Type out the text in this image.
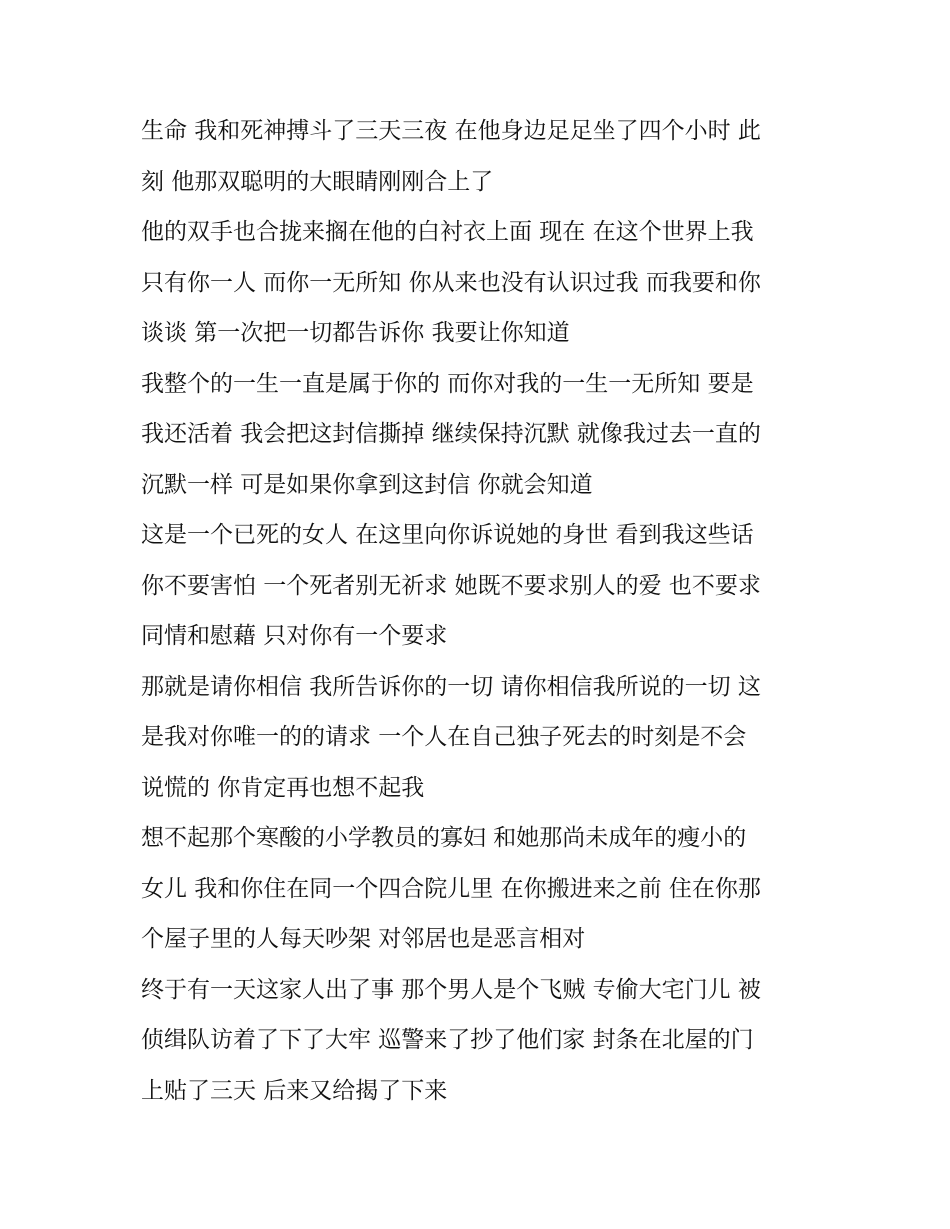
生命 我和死神搏斗了三天三夜 在他身边足足坐了四个小时 此
刻 他那双聪明的大眼睛刚刚合上了

他的双手也合拢来搁在他的白衬衣上面 现在 在这个世界上我
只有你一人 而你一无所知 你从来也没有认识过我 而我要和你
谈谈 第一次把一切都告诉你 我要让你知道

我整个的一生一直是属于你的 而你对我的一生一无所知 要是
我还活着 我会把这封信撕掉 继续保持沉默 就像我过去一直的
沉默一样 可是如果你拿到这封信 你就会知道

这是一个已死的女人 在这里向你诉说她的身世 看到我这些话
你不要害怕 一个死者别无祈求 她既不要求别人的爱 也不要求
同情和慰藉 只对你有一个要求

那就是请你相信 我所告诉你的一切 请你相信我所说的一切 这
是我对你唯一的的请求 一个人在自己独子死去的时刻是不会
说慌的 你肯定再也想不起我

想不起那个寒酸的小学教员的寡妇 和她那尚未成年的瘦小的
女儿 我和你住在同一个四合院儿里 在你搬进来之前 住在你那
个屋子里的人每天吵架 对邻居也是恶言相对

终于有一天这家人出了事 那个男人是个飞贼 专偷大宅门儿 被
侦缉队访着了下了大牢 巡警来了抄了他们家 封条在北屋的门
上贴了三天 后来又给揭了下来
